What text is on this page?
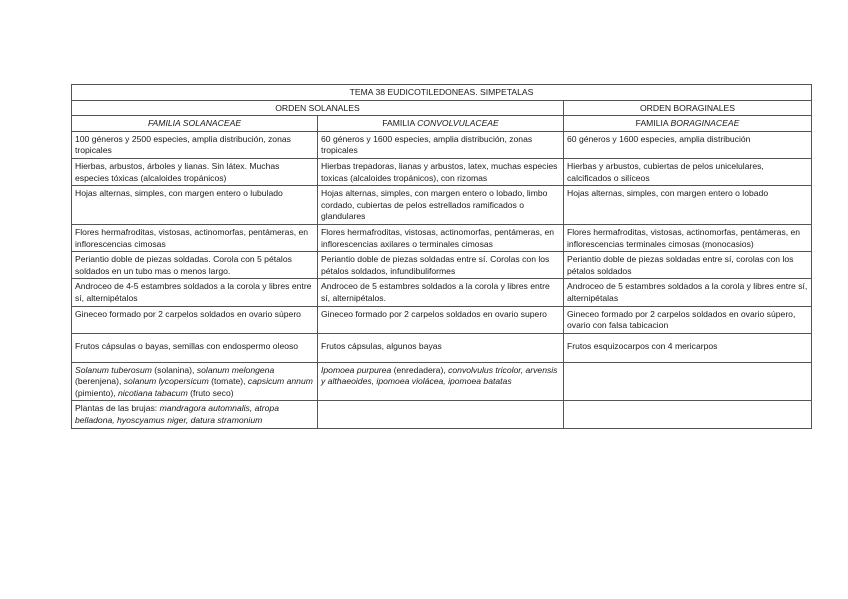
TEMA 38 EUDICOTILEDONEAS. SIMPETALAS		
ORDEN SOLANALES		ORDEN BORAGINALES
FAMILIA SOLANACEAE	FAMILIA CONVOLVULACEAE	FAMILIA BORAGINACEAE
100 géneros y 2500 especies, amplia distribución, zonas tropicales	60 géneros y 1600 especies, amplia distribución, zonas tropicales	60 géneros y 1600 especies, amplia distribución
Hierbas, arbustos, árboles y lianas. Sin látex. Muchas especies tóxicas (alcaloides tropánicos)	Hierbas trepadoras, lianas y arbustos, latex, muchas especies toxicas (alcaloides tropánicos), con rizomas	Hierbas y arbustos, cubiertas de pelos unicelulares, calcificados o silíceos
Hojas alternas, simples, con margen entero o lubulado	Hojas alternas, simples, con margen entero o lobado, limbo cordado, cubiertas de pelos estrellados ramificados o glandulares	Hojas alternas, simples, con margen entero o lobado
Flores hermafroditas, vistosas, actinomorfas, pentámeras, en inflorescencias cimosas	Flores hermafroditas, vistosas, actinomorfas, pentámeras, en inflorescencias axilares o terminales cimosas	Flores hermafroditas, vistosas, actinomorfas, pentámeras, en inflorescencias terminales cimosas (monocasios)
Periantio doble de piezas soldadas. Corola con 5 pétalos soldados en un tubo mas o menos largo.	Periantio doble de piezas soldadas entre sí. Corolas con los pétalos soldados, infundibuliformes	Periantio doble de piezas soldadas entre sí, corolas con los pétalos soldados
Androceo de 4-5 estambres soldados a la corola y libres entre sí, alternipétalos	Androceo de 5 estambres soldados a la corola y libres entre sí, alternipétalos.	Androceo de 5 estambres soldados a la corola y libres entre sí, alternipétalas
Gineceo formado por 2 carpelos soldados en ovario súpero	Gineceo formado por 2 carpelos soldados en ovario supero	Gineceo formado por 2 carpelos soldados en ovario súpero, ovario con falsa tabicacion
Frutos cápsulas o bayas, semillas con endospermo oleoso	Frutos cápsulas, algunos bayas	Frutos esquizocarpos con 4 mericarpos
Solanum tuberosum (solanina), solanum melongena (berenjena), solanum lycopersicum (tomate), capsicum annum (pimiento), nicotiana tabacum (fruto seco)	Ipomoea purpurea (enredadera), convolvulus tricolor, arvensis y althaeoides, ipomoea violácea, ipomoea batatas	
Plantas de las brujas: mandragora automnalis, atropa belladona, hyoscyamus niger, datura stramonium		
